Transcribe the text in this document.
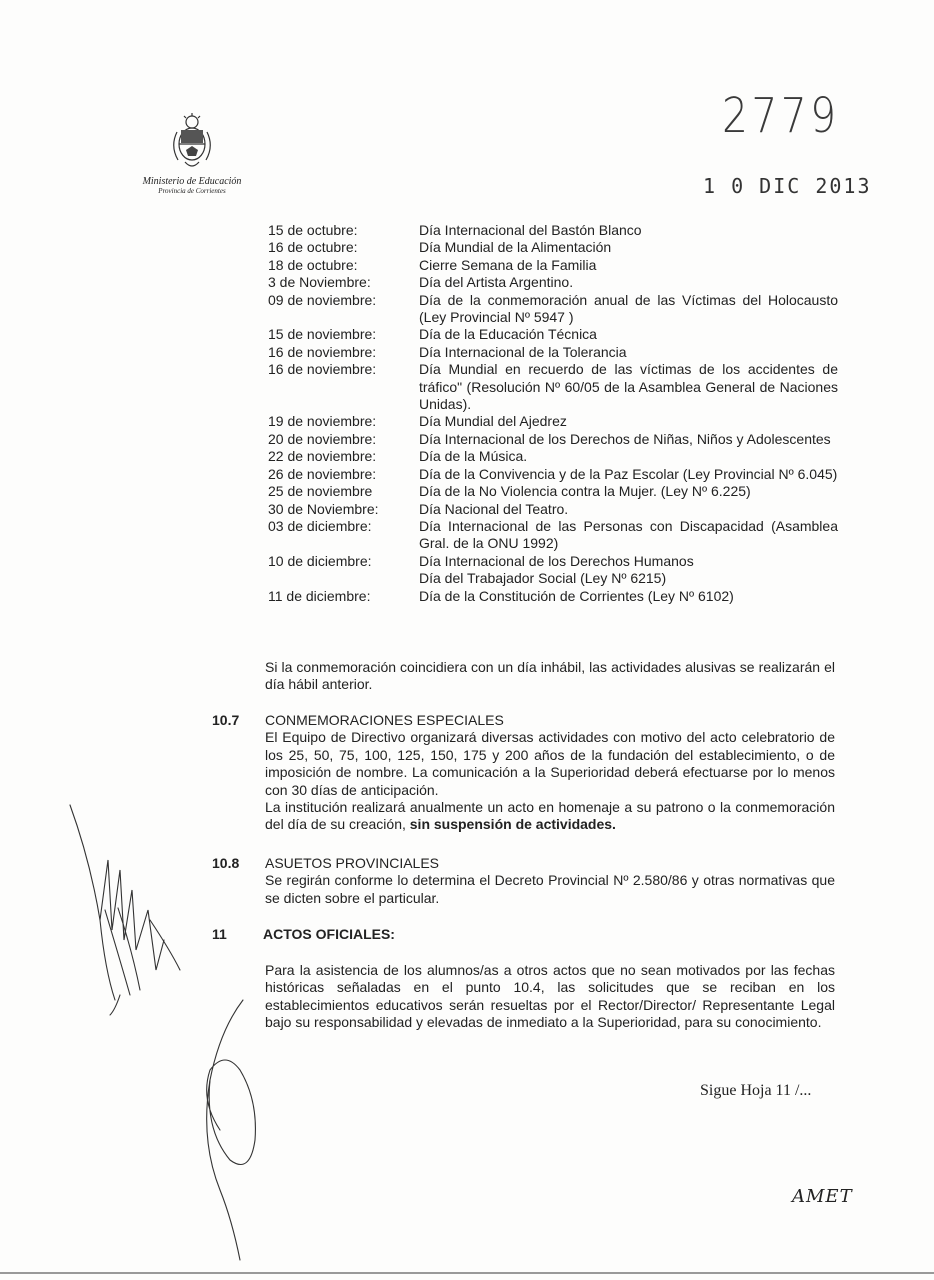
Ministerio de Educación
Provincia de Corrientes
2779
1 0 DIC 2013
15 de octubre:	Día Internacional del Bastón Blanco
16 de octubre:	Día Mundial de la Alimentación
18 de octubre:	Cierre Semana de la Familia
3 de Noviembre:	Día del Artista Argentino.
09 de noviembre:	Día de la conmemoración anual de las Víctimas del Holocausto (Ley Provincial Nº 5947 )
15 de noviembre:	Día de la Educación Técnica
16 de noviembre:	Día Internacional de la Tolerancia
16 de noviembre:	Día Mundial en recuerdo de las víctimas de los accidentes de tráfico" (Resolución Nº 60/05 de la Asamblea General de Naciones Unidas).
19 de noviembre:	Día Mundial del Ajedrez
20 de noviembre:	Día Internacional de los Derechos de Niñas, Niños y Adolescentes
22 de noviembre:	Día de la Música.
26 de noviembre:	Día de la Convivencia y de la Paz Escolar (Ley Provincial Nº 6.045)
25 de noviembre	Día de la No Violencia contra la Mujer. (Ley Nº 6.225)
30 de Noviembre:	Día Nacional del Teatro.
03 de diciembre:	Día Internacional de las Personas con Discapacidad (Asamblea Gral. de la ONU 1992)
10 de diciembre:	Día Internacional de los Derechos Humanos
Día del Trabajador Social (Ley Nº 6215)
11 de diciembre:	Día de la Constitución de Corrientes (Ley Nº 6102)
Si la conmemoración coincidiera con un día inhábil, las actividades alusivas se realizarán el día hábil anterior.
10.7 CONMEMORACIONES ESPECIALES
El Equipo de Directivo organizará diversas actividades con motivo del acto celebratorio de los 25, 50, 75, 100, 125, 150, 175 y 200 años de la fundación del establecimiento, o de imposición de nombre. La comunicación a la Superioridad deberá efectuarse por lo menos con 30 días de anticipación.
La institución realizará anualmente un acto en homenaje a su patrono o la conmemoración del día de su creación, sin suspensión de actividades.
10.8 ASUETOS PROVINCIALES
Se regirán conforme lo determina el Decreto Provincial Nº 2.580/86 y otras normativas que se dicten sobre el particular.
11	ACTOS OFICIALES:
Para la asistencia de los alumnos/as a otros actos que no sean motivados por las fechas históricas señaladas en el punto 10.4, las solicitudes que se reciban en los establecimientos educativos serán resueltas por el Rector/Director/ Representante Legal bajo su responsabilidad y elevadas de inmediato a la Superioridad, para su conocimiento.
Sigue Hoja 11 /...
AMET
